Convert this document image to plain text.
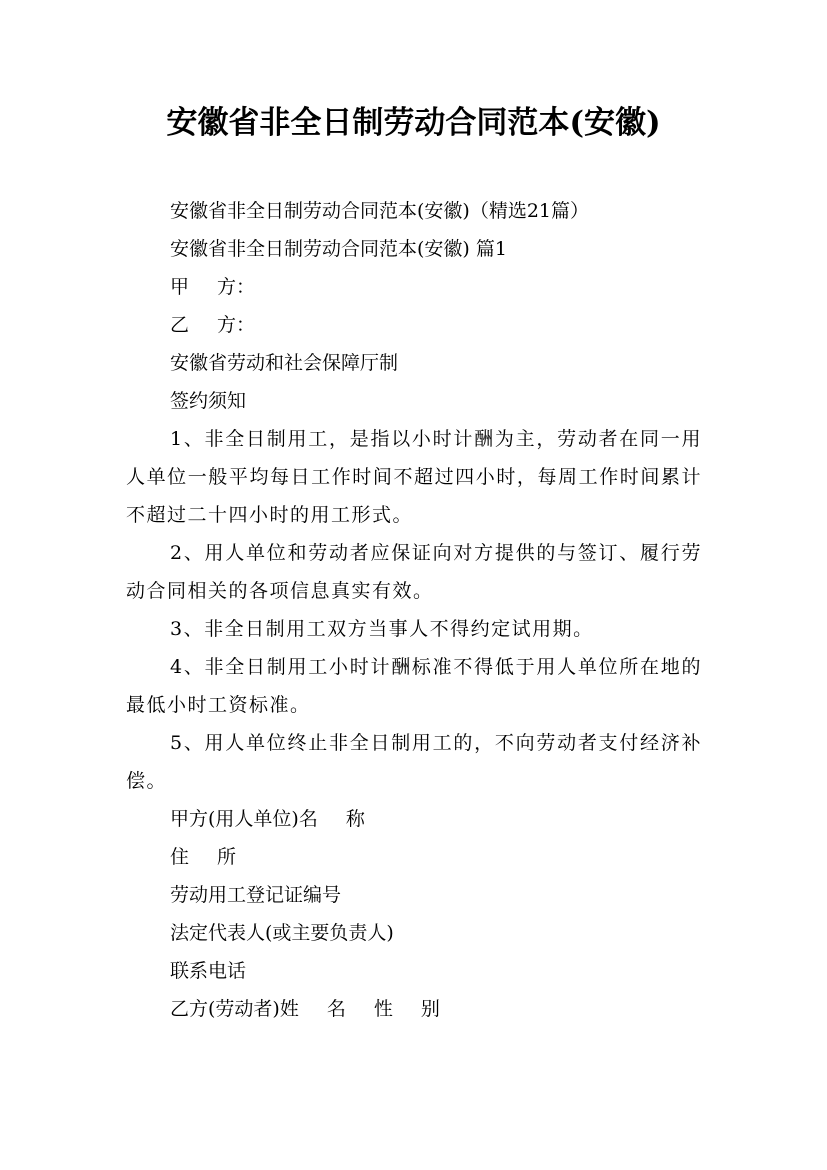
安徽省非全日制劳动合同范本(安徽)
安徽省非全日制劳动合同范本(安徽)（精选21篇）
安徽省非全日制劳动合同范本(安徽) 篇1
甲 方：
乙 方：
安徽省劳动和社会保障厅制
签约须知

1、非全日制用工，是指以小时计酬为主，劳动者在同一用人单位一般平均每日工作时间不超过四小时，每周工作时间累计不超过二十四小时的用工形式。

2、用人单位和劳动者应保证向对方提供的与签订、履行劳动合同相关的各项信息真实有效。

3、非全日制用工双方当事人不得约定试用期。

4、非全日制用工小时计酬标准不得低于用人单位所在地的最低小时工资标准。

5、用人单位终止非全日制用工的，不向劳动者支付经济补偿。

甲方(用人单位)名 称
住 所
劳动用工登记证编号
法定代表人(或主要负责人)
联系电话
乙方(劳动者)姓 名 性 别
